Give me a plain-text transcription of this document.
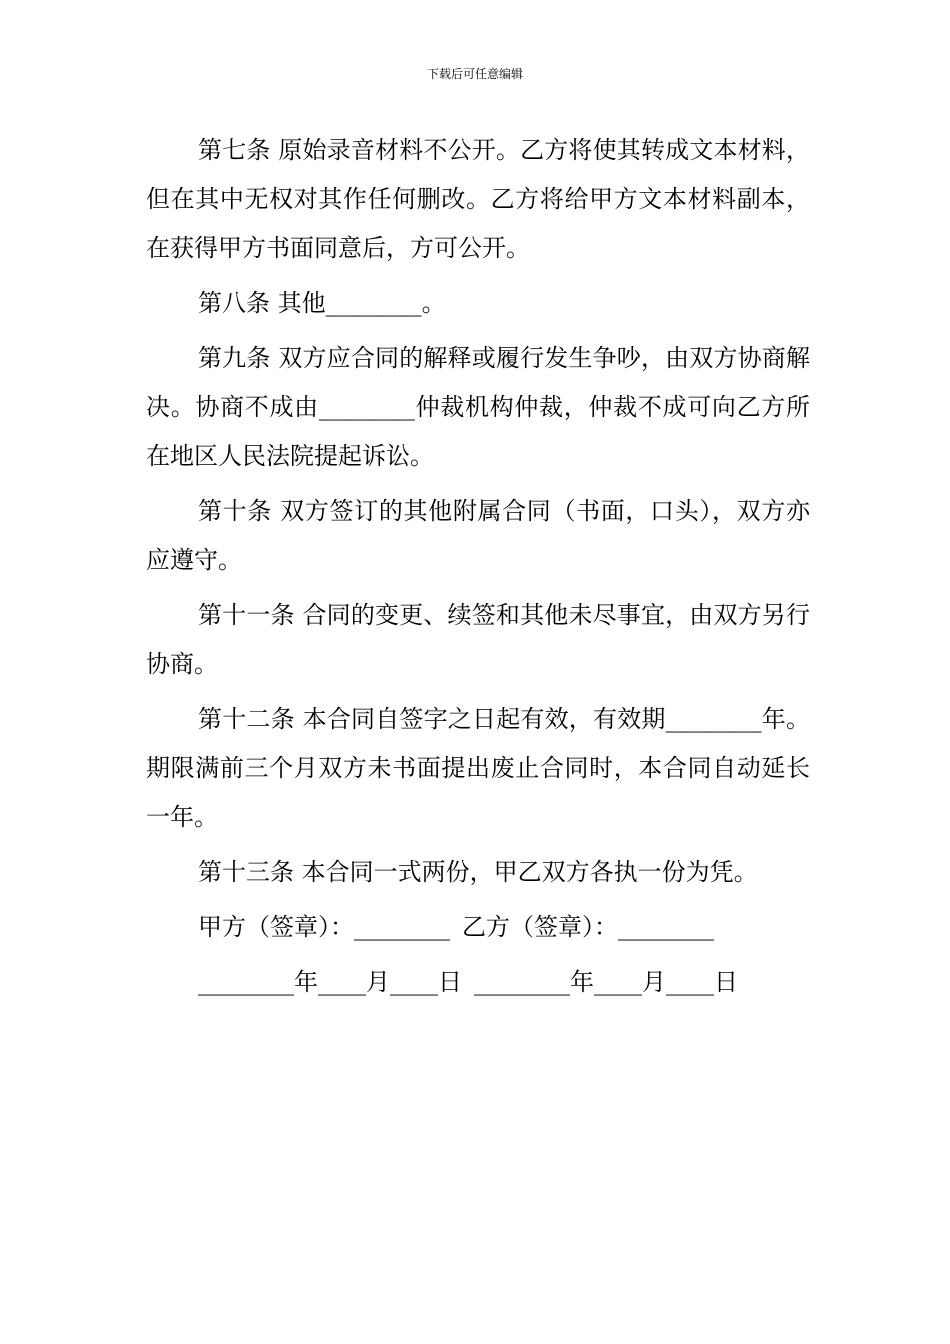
下载后可任意编辑

第七条 原始录音材料不公开。乙方将使其转成文本材料，但在其中无权对其作任何删改。乙方将给甲方文本材料副本，在获得甲方书面同意后，方可公开。

第八条 其他________。

第九条 双方应合同的解释或履行发生争吵，由双方协商解决。协商不成由________仲裁机构仲裁，仲裁不成可向乙方所在地区人民法院提起诉讼。

第十条 双方签订的其他附属合同（书面，口头），双方亦应遵守。

第十一条 合同的变更、续签和其他未尽事宜，由双方另行协商。

第十二条 本合同自签字之日起有效，有效期________年。期限满前三个月双方未书面提出废止合同时，本合同自动延长一年。

第十三条 本合同一式两份，甲乙双方各执一份为凭。

甲方（签章）：________ 乙方（签章）：________

________年____月____日 ________年____月____日
